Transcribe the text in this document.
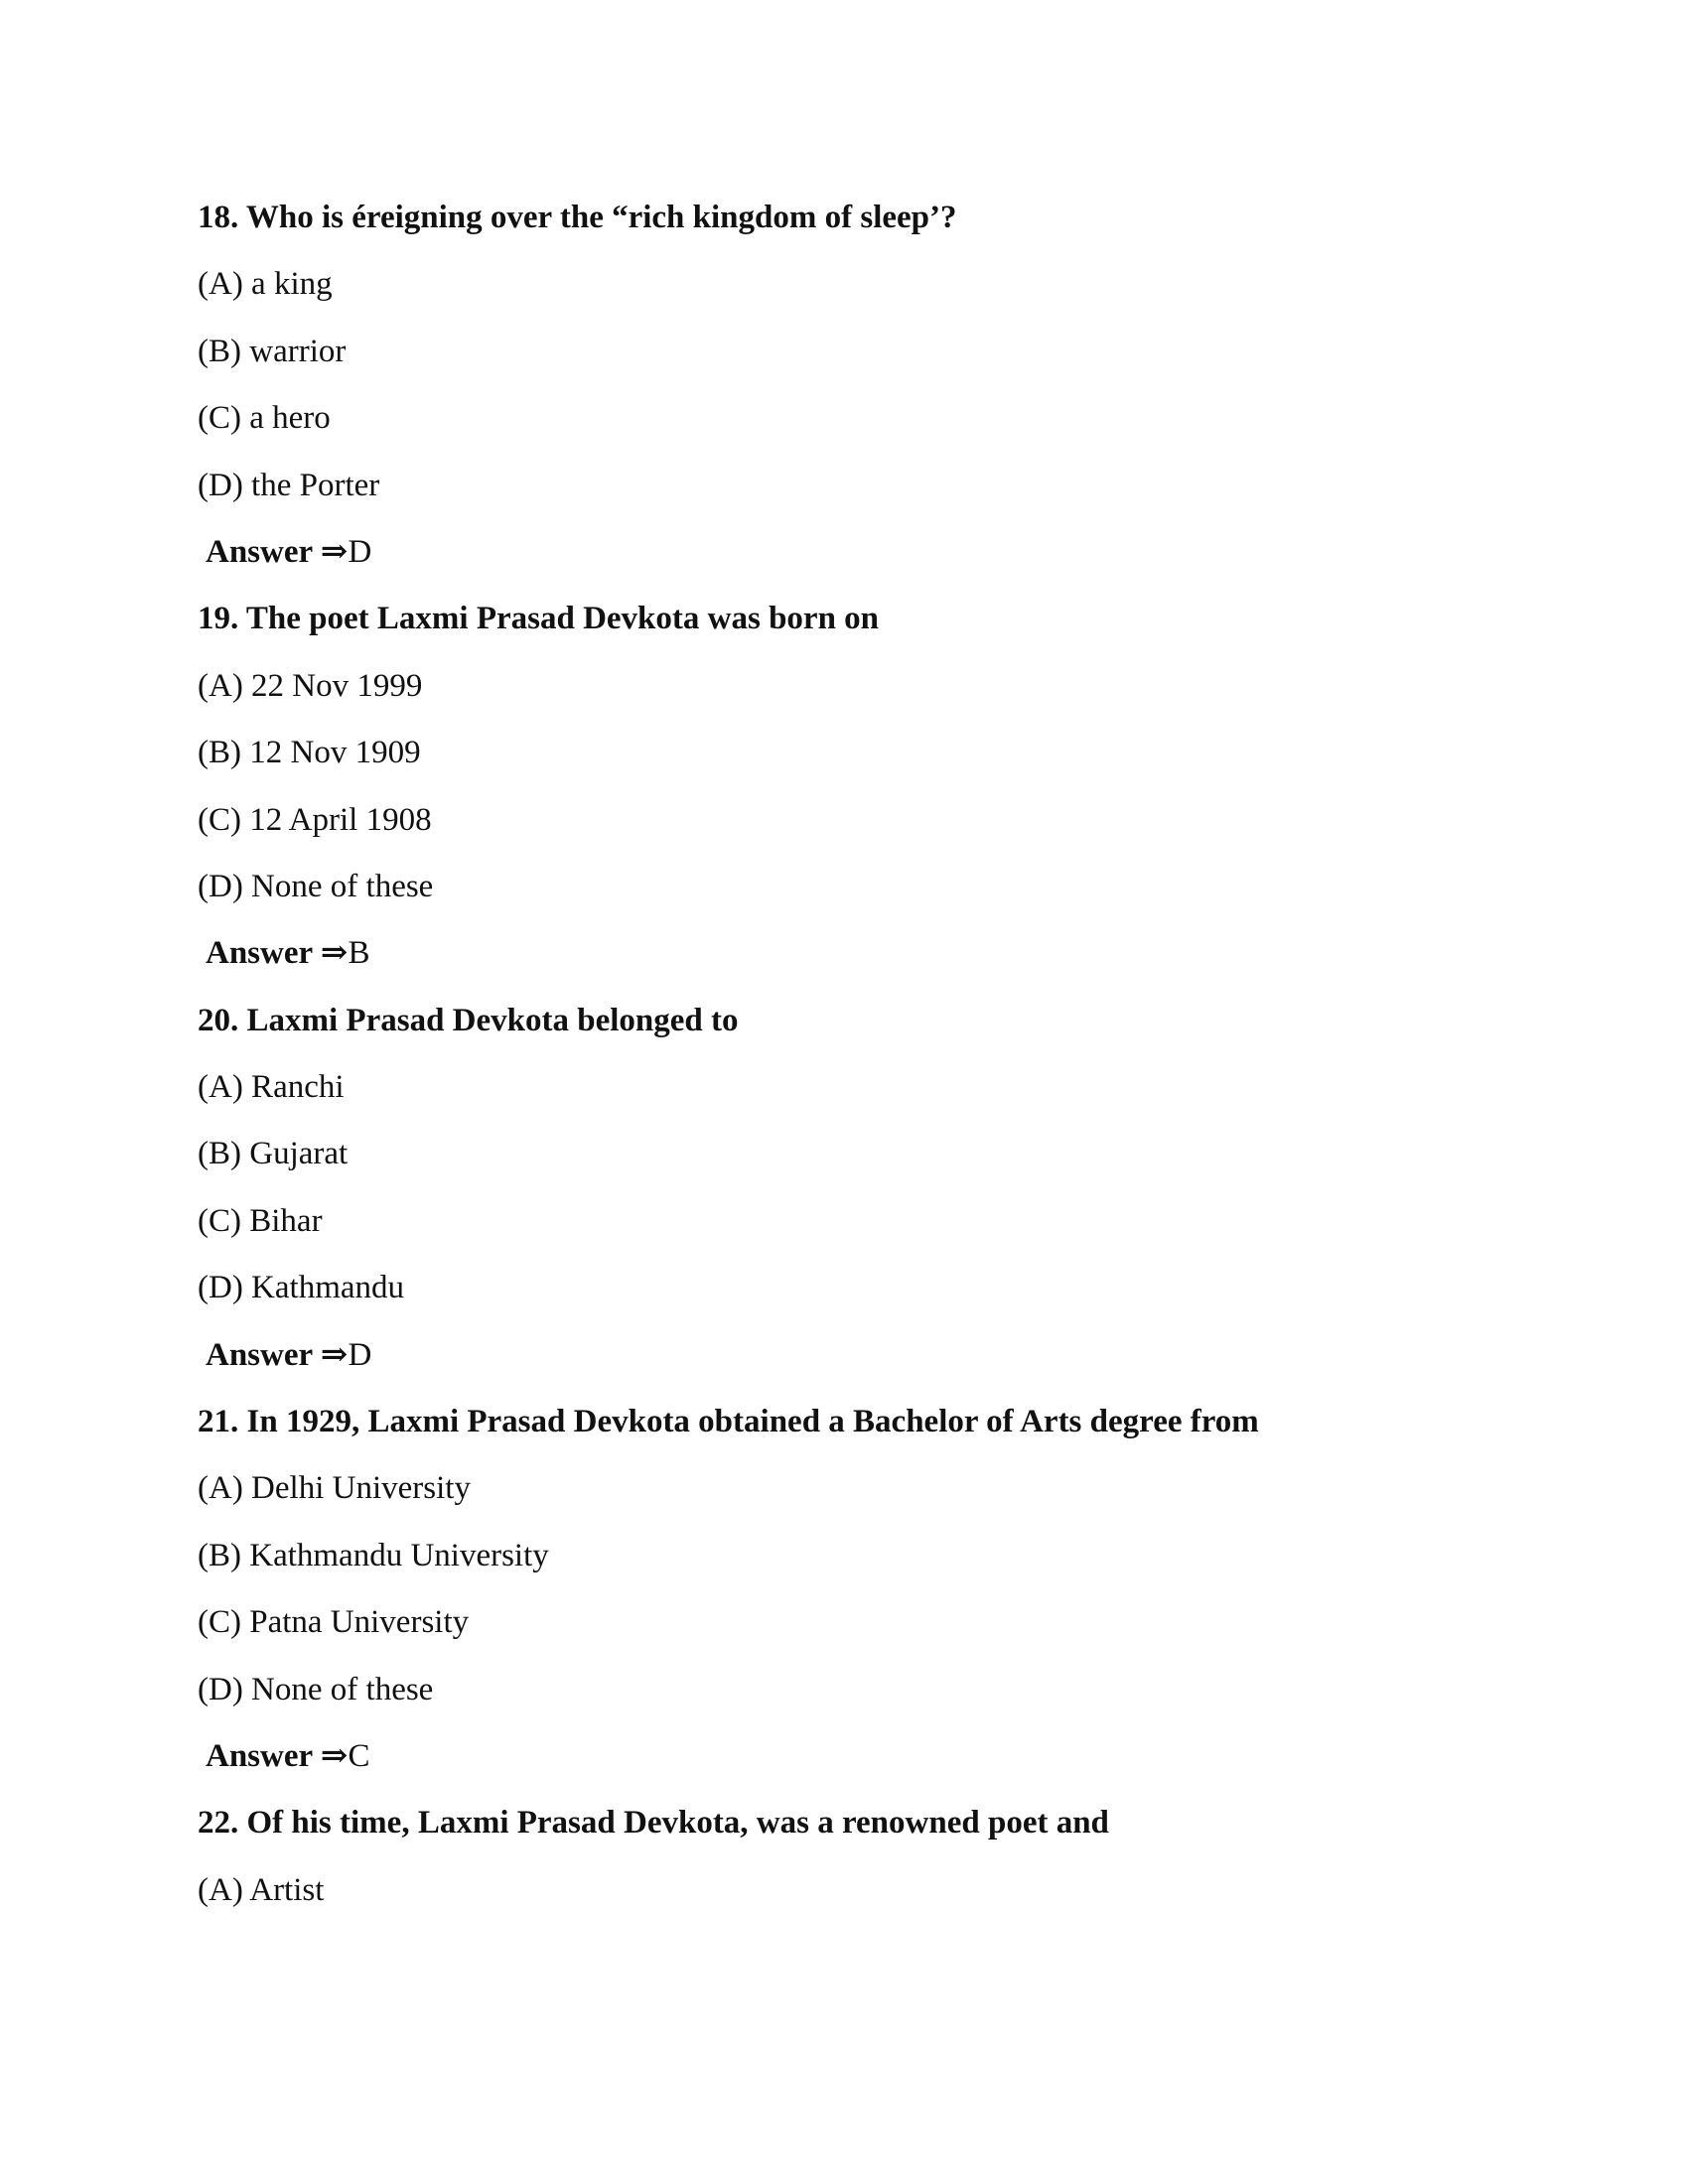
18. Who is éreigning over the “rich kingdom of sleep’?
(A) a king
(B) warrior
(C) a hero
(D) the Porter
Answer ⇒D
19. The poet Laxmi Prasad Devkota was born on
(A) 22 Nov 1999
(B) 12 Nov 1909
(C) 12 April 1908
(D) None of these
Answer ⇒B
20. Laxmi Prasad Devkota belonged to
(A) Ranchi
(B) Gujarat
(C) Bihar
(D) Kathmandu
Answer ⇒D
21. In 1929, Laxmi Prasad Devkota obtained a Bachelor of Arts degree from
(A) Delhi University
(B) Kathmandu University
(C) Patna University
(D) None of these
Answer ⇒C
22. Of his time, Laxmi Prasad Devkota, was a renowned poet and
(A) Artist
